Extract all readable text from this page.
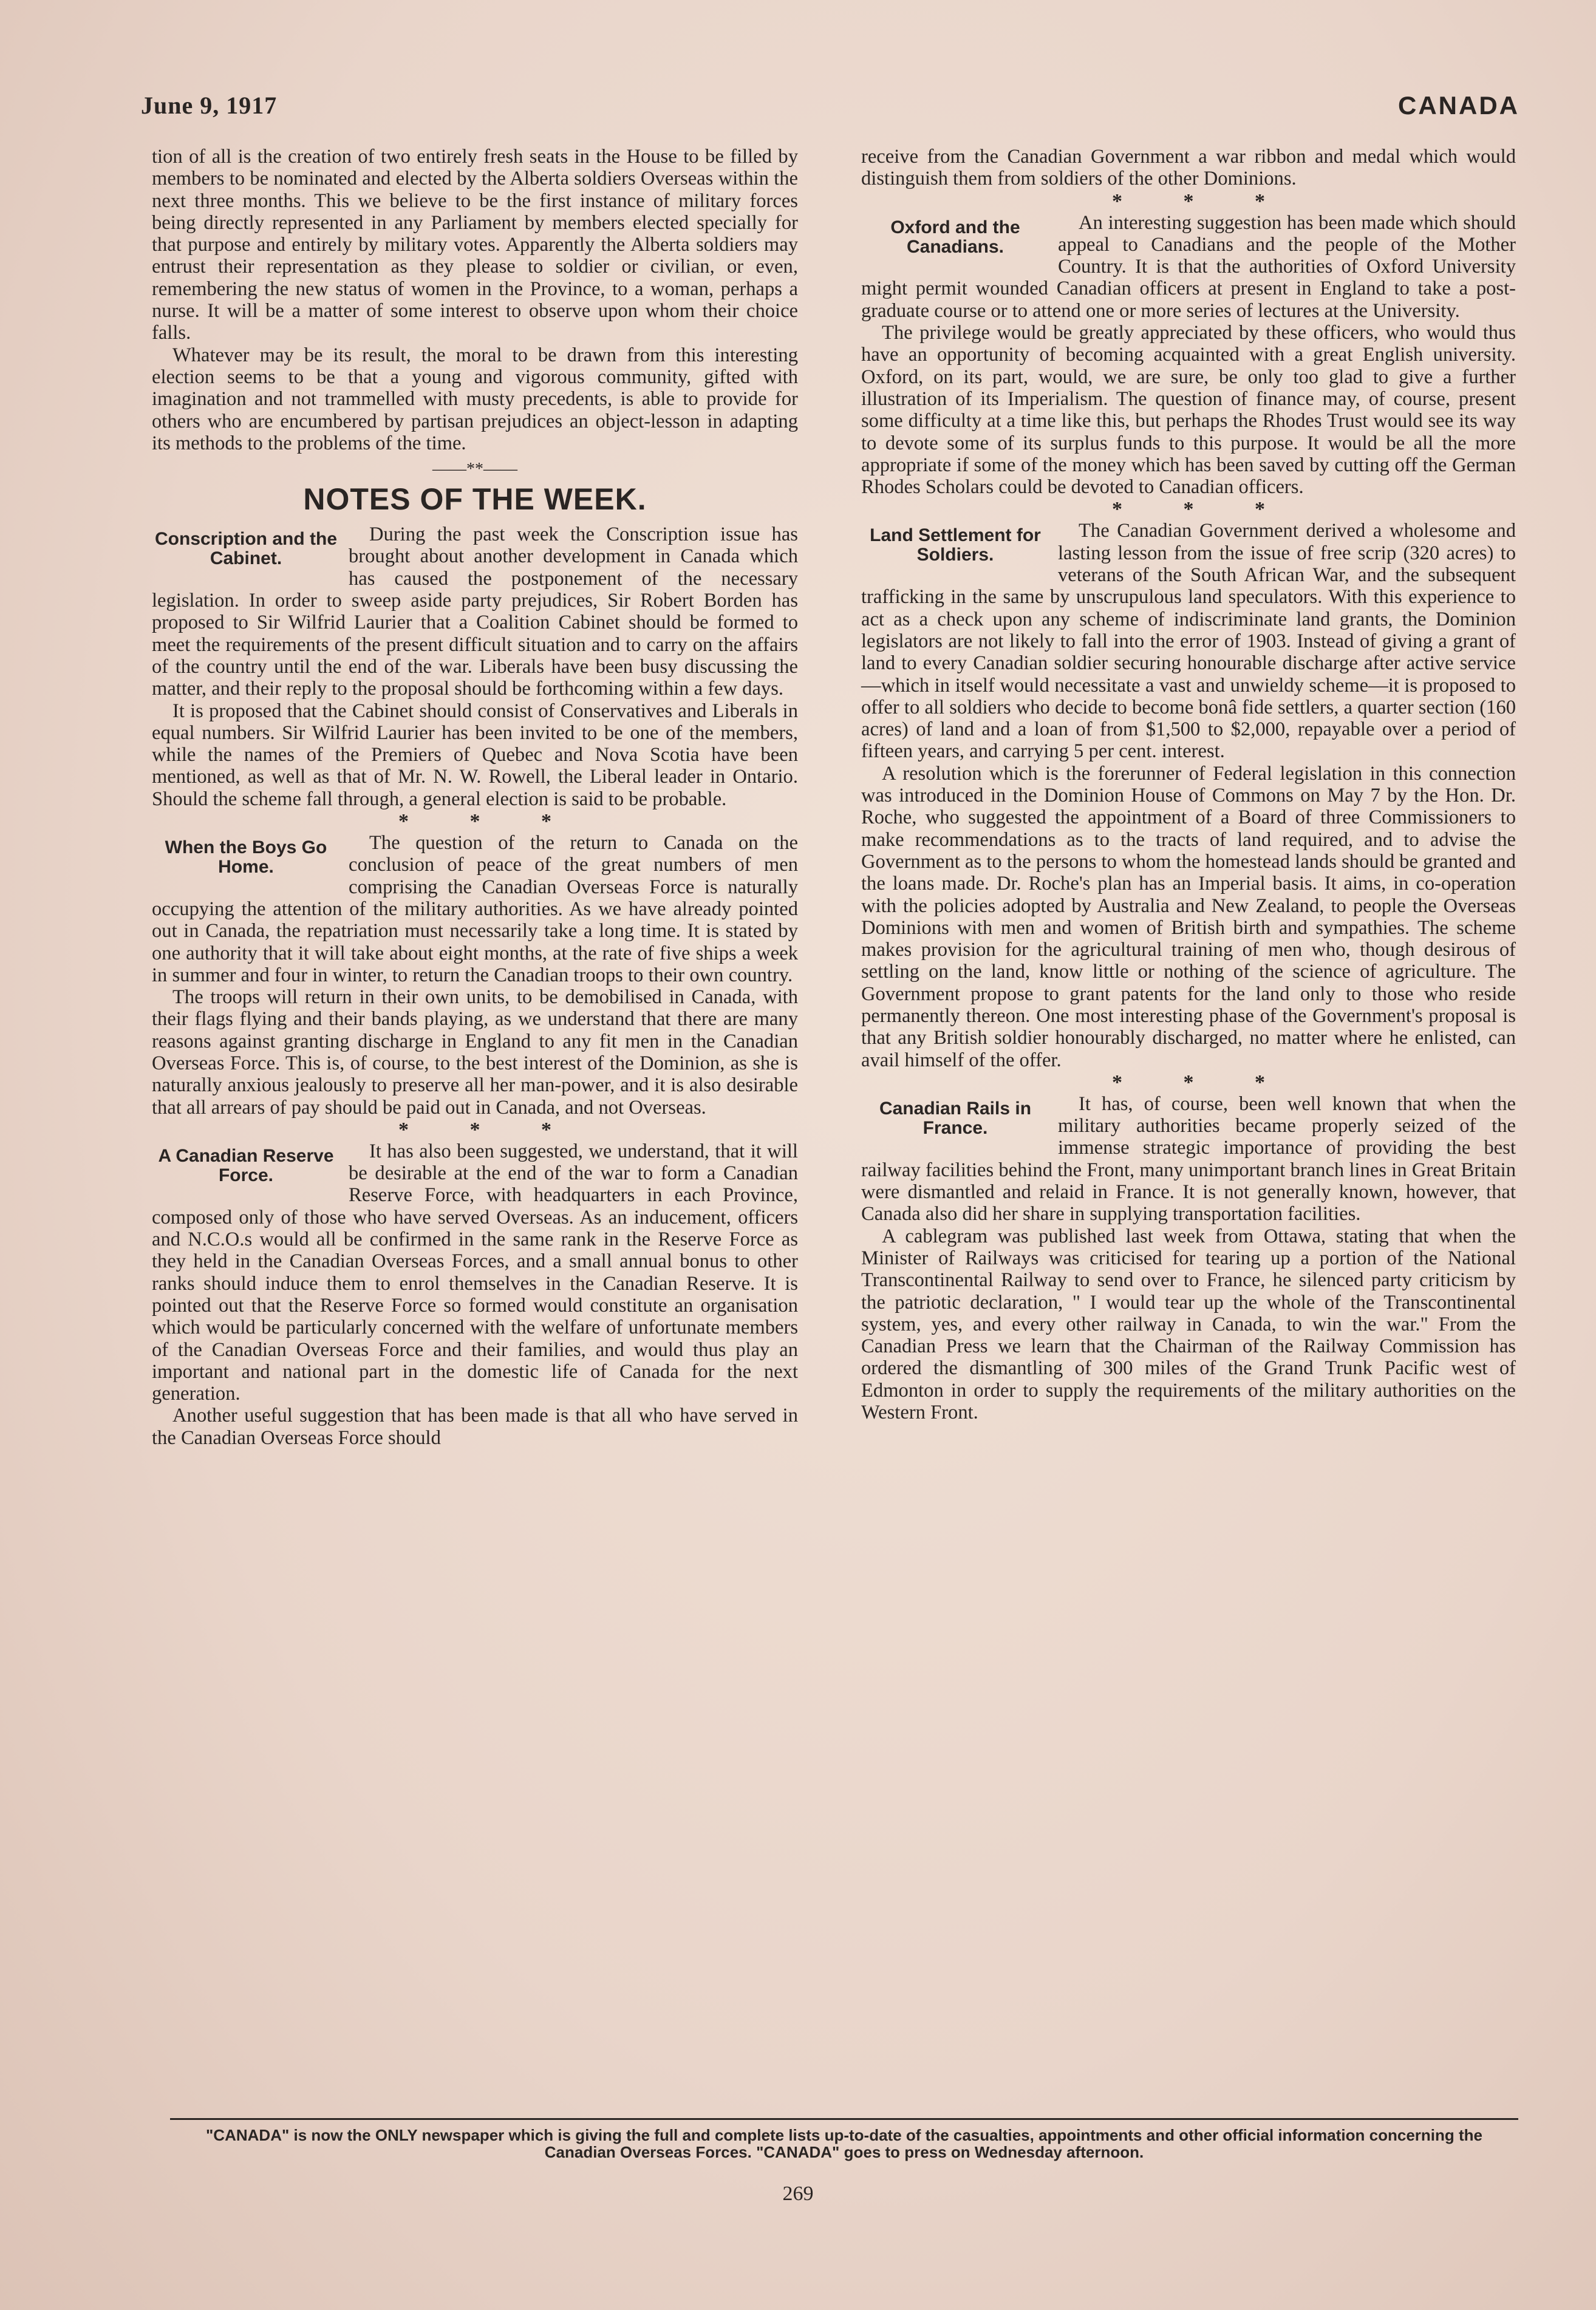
June 9, 1917	CANADA

tion of all is the creation of two entirely fresh seats in the House to be filled by members to be nominated and elected by the Alberta soldiers Overseas within the next three months. This we believe to be the first instance of military forces being directly represented in any Parliament by members elected specially for that purpose and entirely by military votes. Apparently the Alberta soldiers may entrust their representation as they please to soldier or civilian, or even, remembering the new status of women in the Province, to a woman, perhaps a nurse. It will be a matter of some interest to observe upon whom their choice falls.

Whatever may be its result, the moral to be drawn from this interesting election seems to be that a young and vigorous community, gifted with imagination and not trammelled with musty precedents, is able to provide for others who are encumbered by partisan prejudices an object-lesson in adapting its methods to the problems of the time.

——**——
NOTES OF THE WEEK.
Conscription and the Cabinet.

During the past week the Conscription issue has brought about another development in Canada which has caused the postponement of the necessary legislation. In order to sweep aside party prejudices, Sir Robert Borden has proposed to Sir Wilfrid Laurier that a Coalition Cabinet should be formed to meet the requirements of the present difficult situation and to carry on the affairs of the country until the end of the war. Liberals have been busy discussing the matter, and their reply to the proposal should be forthcoming within a few days.

It is proposed that the Cabinet should consist of Conservatives and Liberals in equal numbers. Sir Wilfrid Laurier has been invited to be one of the members, while the names of the Premiers of Quebec and Nova Scotia have been mentioned, as well as that of Mr. N. W. Rowell, the Liberal leader in Ontario. Should the scheme fall through, a general election is said to be probable.

* * *
When the Boys Go Home.

The question of the return to Canada on the conclusion of peace of the great numbers of men comprising the Canadian Overseas Force is naturally occupying the attention of the military authorities. As we have already pointed out in Canada, the repatriation must necessarily take a long time. It is stated by one authority that it will take about eight months, at the rate of five ships a week in summer and four in winter, to return the Canadian troops to their own country.

The troops will return in their own units, to be demobilised in Canada, with their flags flying and their bands playing, as we understand that there are many reasons against granting discharge in England to any fit men in the Canadian Overseas Force. This is, of course, to the best interest of the Dominion, as she is naturally anxious jealously to preserve all her man-power, and it is also desirable that all arrears of pay should be paid out in Canada, and not Overseas.

* * *
A Canadian Reserve Force.

It has also been suggested, we understand, that it will be desirable at the end of the war to form a Canadian Reserve Force, with headquarters in each Province, composed only of those who have served Overseas. As an inducement, officers and N.C.O.s would all be confirmed in the same rank in the Reserve Force as they held in the Canadian Overseas Forces, and a small annual bonus to other ranks should induce them to enrol themselves in the Canadian Reserve. It is pointed out that the Reserve Force so formed would constitute an organisation which would be particularly concerned with the welfare of unfortunate members of the Canadian Overseas Force and their families, and would thus play an important and national part in the domestic life of Canada for the next generation.

Another useful suggestion that has been made is that all who have served in the Canadian Overseas Force should

receive from the Canadian Government a war ribbon and medal which would distinguish them from soldiers of the other Dominions.

* * *
Oxford and the Canadians.

An interesting suggestion has been made which should appeal to Canadians and the people of the Mother Country. It is that the authorities of Oxford University might permit wounded Canadian officers at present in England to take a post-graduate course or to attend one or more series of lectures at the University.

The privilege would be greatly appreciated by these officers, who would thus have an opportunity of becoming acquainted with a great English university. Oxford, on its part, would, we are sure, be only too glad to give a further illustration of its Imperialism. The question of finance may, of course, present some difficulty at a time like this, but perhaps the Rhodes Trust would see its way to devote some of its surplus funds to this purpose. It would be all the more appropriate if some of the money which has been saved by cutting off the German Rhodes Scholars could be devoted to Canadian officers.

* * *
Land Settlement for Soldiers.

The Canadian Government derived a wholesome and lasting lesson from the issue of free scrip (320 acres) to veterans of the South African War, and the subsequent trafficking in the same by unscrupulous land speculators. With this experience to act as a check upon any scheme of indiscriminate land grants, the Dominion legislators are not likely to fall into the error of 1903. Instead of giving a grant of land to every Canadian soldier securing honourable discharge after active service—which in itself would necessitate a vast and unwieldy scheme—it is proposed to offer to all soldiers who decide to become bonâ fide settlers, a quarter section (160 acres) of land and a loan of from $1,500 to $2,000, repayable over a period of fifteen years, and carrying 5 per cent. interest.

A resolution which is the forerunner of Federal legislation in this connection was introduced in the Dominion House of Commons on May 7 by the Hon. Dr. Roche, who suggested the appointment of a Board of three Commissioners to make recommendations as to the tracts of land required, and to advise the Government as to the persons to whom the homestead lands should be granted and the loans made. Dr. Roche's plan has an Imperial basis. It aims, in co-operation with the policies adopted by Australia and New Zealand, to people the Overseas Dominions with men and women of British birth and sympathies. The scheme makes provision for the agricultural training of men who, though desirous of settling on the land, know little or nothing of the science of agriculture. The Government propose to grant patents for the land only to those who reside permanently thereon. One most interesting phase of the Government's proposal is that any British soldier honourably discharged, no matter where he enlisted, can avail himself of the offer.

* * *
Canadian Rails in France.

It has, of course, been well known that when the military authorities became properly seized of the immense strategic importance of providing the best railway facilities behind the Front, many unimportant branch lines in Great Britain were dismantled and relaid in France. It is not generally known, however, that Canada also did her share in supplying transportation facilities.

A cablegram was published last week from Ottawa, stating that when the Minister of Railways was criticised for tearing up a portion of the National Transcontinental Railway to send over to France, he silenced party criticism by the patriotic declaration, " I would tear up the whole of the Transcontinental system, yes, and every other railway in Canada, to win the war." From the Canadian Press we learn that the Chairman of the Railway Commission has ordered the dismantling of 300 miles of the Grand Trunk Pacific west of Edmonton in order to supply the requirements of the military authorities on the Western Front.

"CANADA" is now the ONLY newspaper which is giving the full and complete lists up-to-date of the casualties, appointments and other official information concerning the Canadian Overseas Forces. "CANADA" goes to press on Wednesday afternoon.
269
